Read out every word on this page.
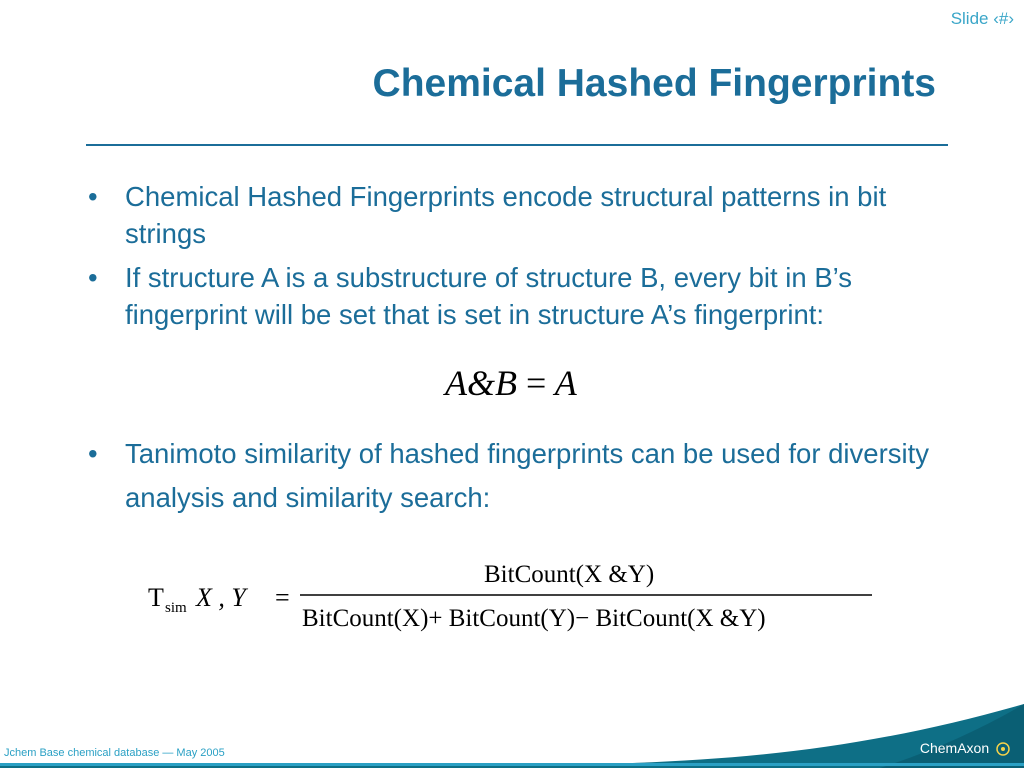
Slide ‹#›
Chemical Hashed Fingerprints
• Chemical Hashed Fingerprints encode structural patterns in bit strings
• If structure A is a substructure of structure B, every bit in B’s fingerprint will be set that is set in structure A’s fingerprint:
• Tanimoto similarity of hashed fingerprints can be used for diversity analysis and similarity search:
A&B = A
T sim X , Y =
BitCount(X &Y)
BitCount(X)+ BitCount(Y)− BitCount(X &Y)
Jchem Base chemical database — May 2005	ChemAxon
